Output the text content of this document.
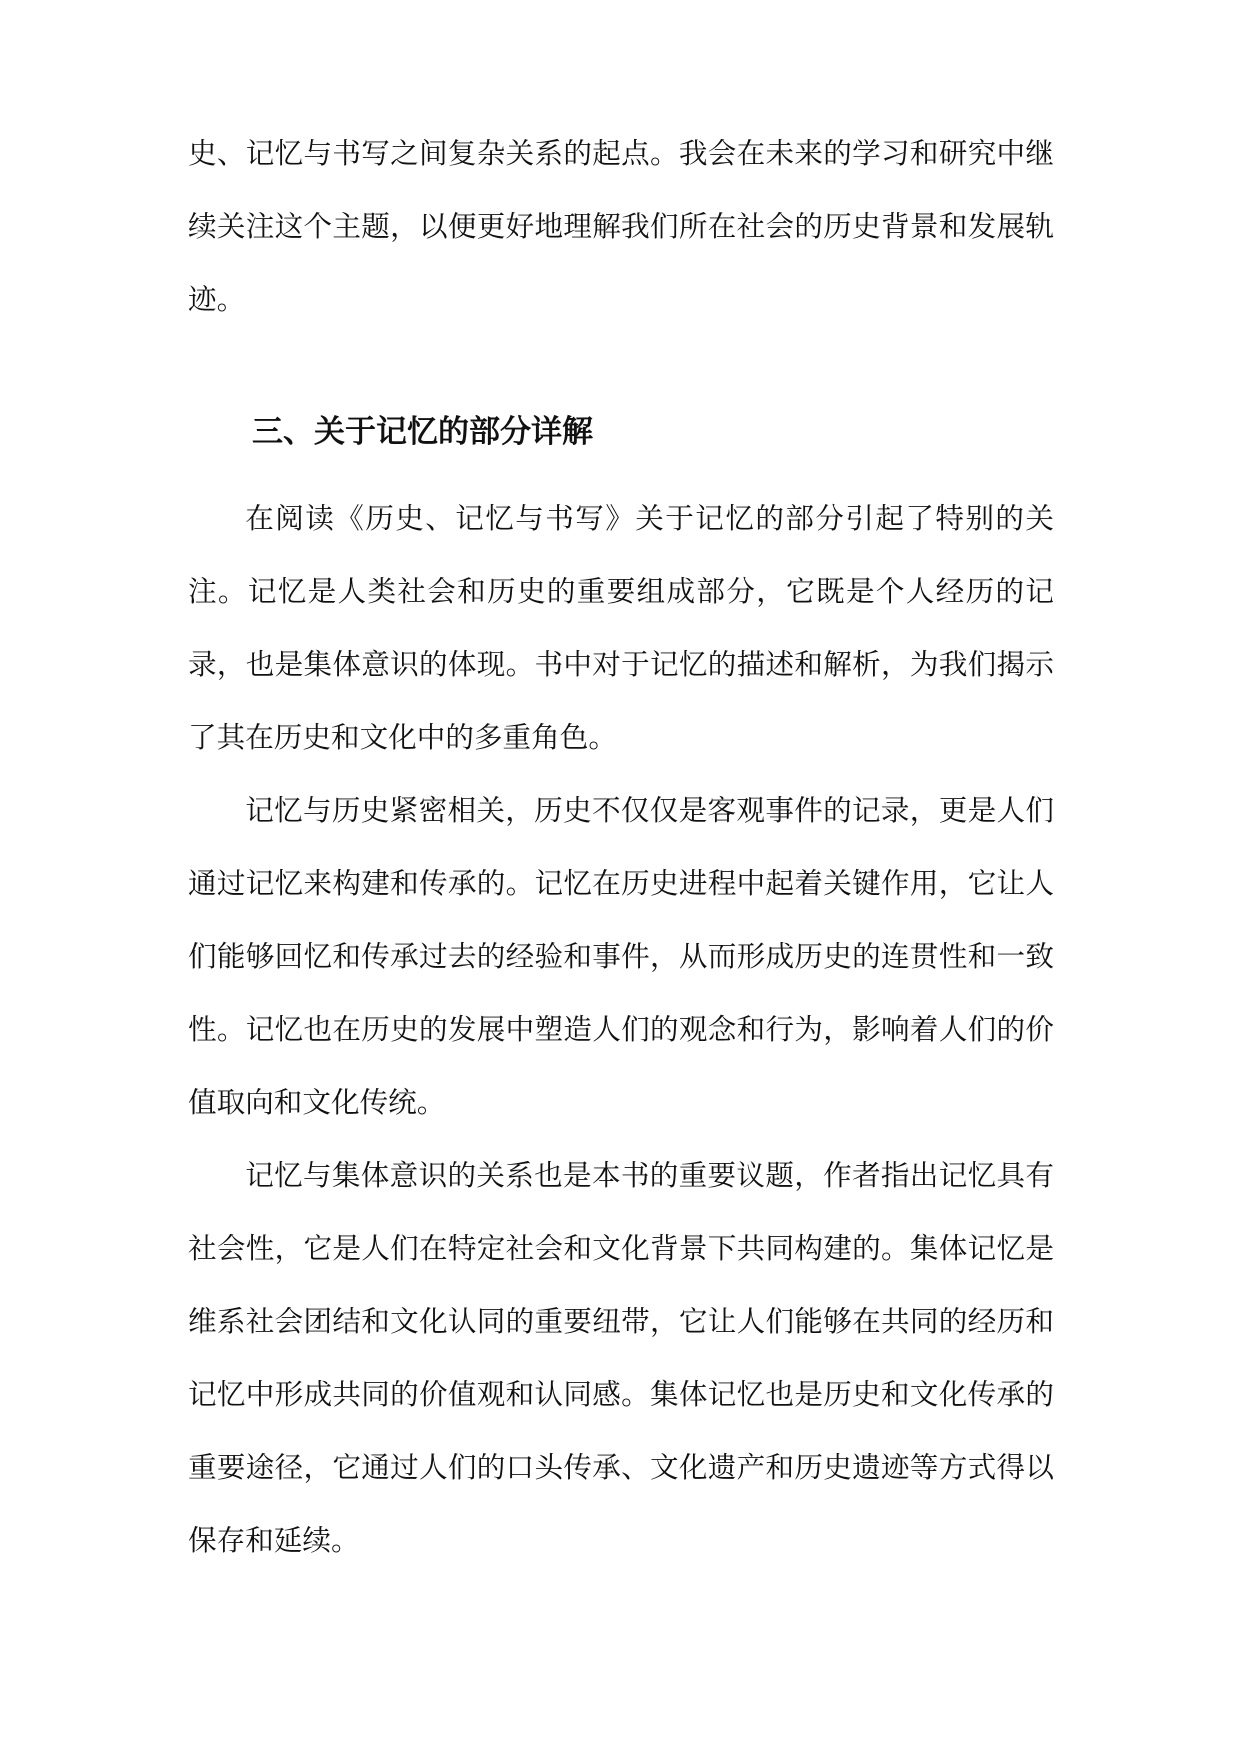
史、记忆与书写之间复杂关系的起点。我会在未来的学习和研究中继续关注这个主题，以便更好地理解我们所在社会的历史背景和发展轨迹。

三、关于记忆的部分详解

在阅读《历史、记忆与书写》关于记忆的部分引起了特别的关注。记忆是人类社会和历史的重要组成部分，它既是个人经历的记录，也是集体意识的体现。书中对于记忆的描述和解析，为我们揭示了其在历史和文化中的多重角色。

记忆与历史紧密相关，历史不仅仅是客观事件的记录，更是人们通过记忆来构建和传承的。记忆在历史进程中起着关键作用，它让人们能够回忆和传承过去的经验和事件，从而形成历史的连贯性和一致性。记忆也在历史的发展中塑造人们的观念和行为，影响着人们的价值取向和文化传统。

记忆与集体意识的关系也是本书的重要议题，作者指出记忆具有社会性，它是人们在特定社会和文化背景下共同构建的。集体记忆是维系社会团结和文化认同的重要纽带，它让人们能够在共同的经历和记忆中形成共同的价值观和认同感。集体记忆也是历史和文化传承的重要途径，它通过人们的口头传承、文化遗产和历史遗迹等方式得以保存和延续。
